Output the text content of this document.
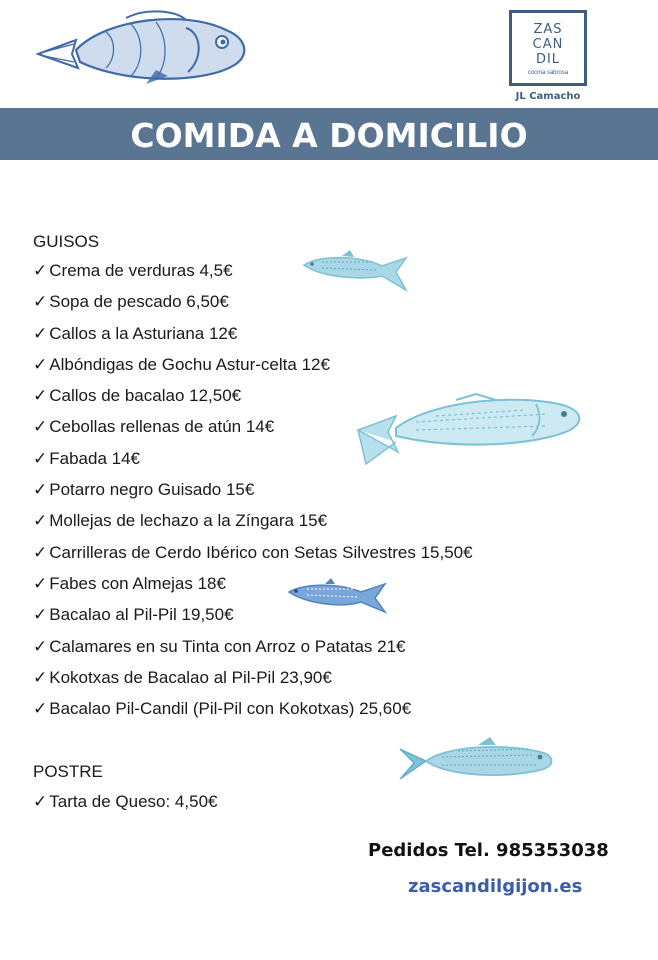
ZAS
CAN
DIL
cocina sabrosa
JL Camacho
COMIDA A DOMICILIO
GUISOS
✓ Crema de verduras 4,5€
✓ Sopa de pescado 6,50€
✓ Callos a la Asturiana 12€
✓ Albóndigas de Gochu Astur-celta 12€
✓ Callos de bacalao 12,50€
✓ Cebollas rellenas de atún 14€
✓ Fabada 14€
✓ Potarro negro Guisado 15€
✓ Mollejas de lechazo a la Zíngara 15€
✓ Carrilleras de Cerdo Ibérico con Setas Silvestres 15,50€
✓ Fabes con Almejas 18€
✓ Bacalao al Pil-Pil 19,50€
✓ Calamares en su Tinta con Arroz o Patatas 21€
✓ Kokotxas de Bacalao al Pil-Pil 23,90€
✓ Bacalao Pil-Candil (Pil-Pil con Kokotxas) 25,60€
POSTRE
✓ Tarta de Queso: 4,50€
Pedidos Tel. 985353038
zascandilgijon.es
